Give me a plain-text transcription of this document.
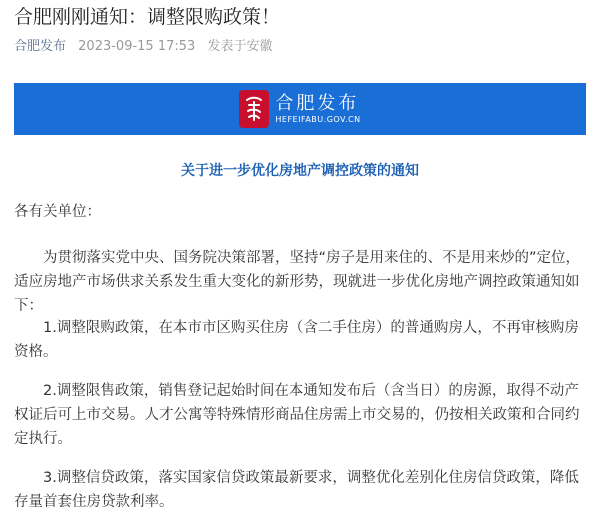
合肥刚刚通知：调整限购政策！
合肥发布 2023-09-15 17:53 发表于安徽
合肥发布
HEFEIFABU.GOV.CN
关于进一步优化房地产调控政策的通知

各有关单位：

为贯彻落实党中央、国务院决策部署，坚持“房子是用来住的、不是用来炒的”定位，适应房地产市场供求关系发生重大变化的新形势，现就进一步优化房地产调控政策通知如下：

1.调整限购政策，在本市市区购买住房（含二手住房）的普通购房人，不再审核购房资格。

2.调整限售政策，销售登记起始时间在本通知发布后（含当日）的房源，取得不动产权证后可上市交易。人才公寓等特殊情形商品住房需上市交易的，仍按相关政策和合同约定执行。

3.调整信贷政策，落实国家信贷政策最新要求，调整优化差别化住房信贷政策，降低存量首套住房贷款利率。
